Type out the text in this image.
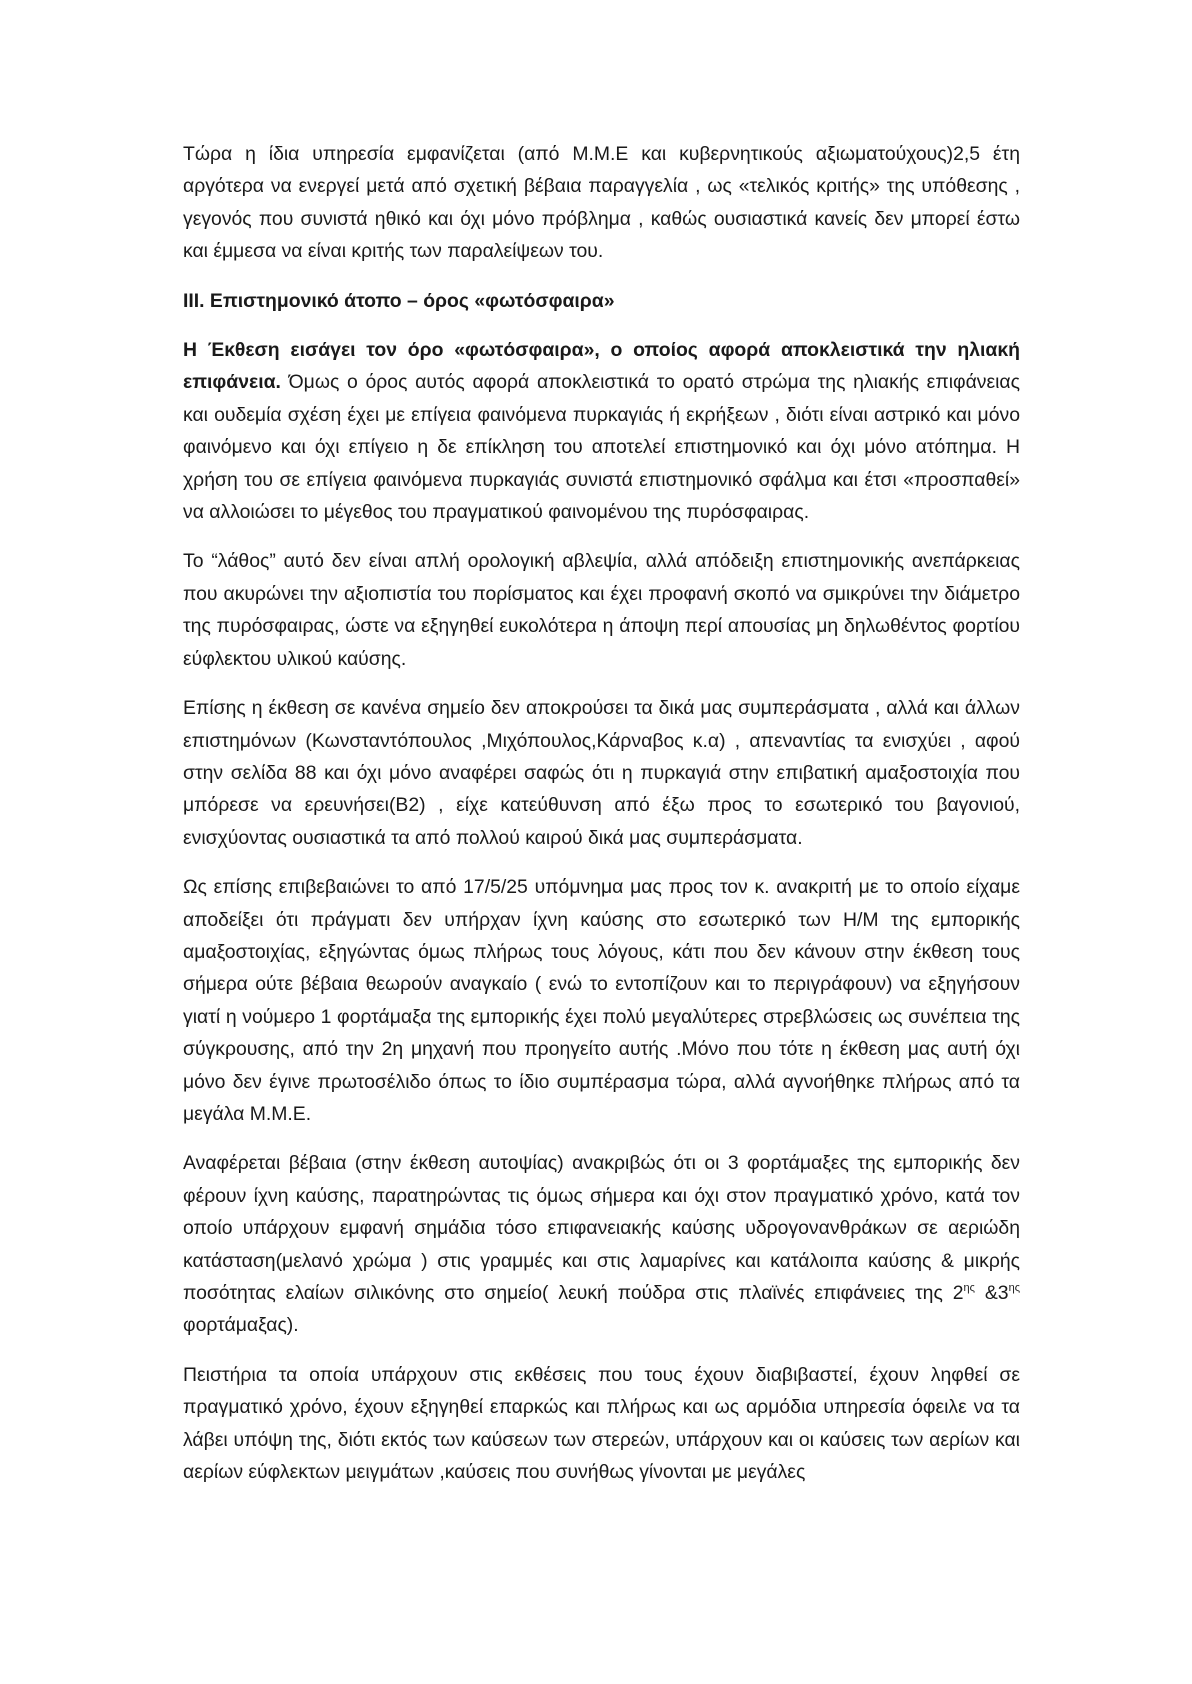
Τώρα η ίδια υπηρεσία εμφανίζεται (από Μ.Μ.Ε και κυβερνητικούς αξιωματούχους)2,5 έτη αργότερα να ενεργεί μετά από σχετική βέβαια παραγγελία , ως «τελικός κριτής» της υπόθεσης , γεγονός που συνιστά ηθικό και όχι μόνο πρόβλημα , καθώς ουσιαστικά κανείς δεν μπορεί έστω και έμμεσα να είναι κριτής των παραλείψεων του.

ΙΙΙ. Επιστημονικό άτοπο – όρος «φωτόσφαιρα»

Η Έκθεση εισάγει τον όρο «φωτόσφαιρα», ο οποίος αφορά αποκλειστικά την ηλιακή επιφάνεια. Όμως ο όρος αυτός αφορά αποκλειστικά το ορατό στρώμα της ηλιακής επιφάνειας και ουδεμία σχέση έχει με επίγεια φαινόμενα πυρκαγιάς ή εκρήξεων , διότι είναι αστρικό και μόνο φαινόμενο και όχι επίγειο η δε επίκληση του αποτελεί επιστημονικό και όχι μόνο ατόπημα. Η χρήση του σε επίγεια φαινόμενα πυρκαγιάς συνιστά επιστημονικό σφάλμα και έτσι «προσπαθεί» να αλλοιώσει το μέγεθος του πραγματικού φαινομένου της πυρόσφαιρας.

Το “λάθος” αυτό δεν είναι απλή ορολογική αβλεψία, αλλά απόδειξη επιστημονικής ανεπάρκειας που ακυρώνει την αξιοπιστία του πορίσματος και έχει προφανή σκοπό να σμικρύνει την διάμετρο της πυρόσφαιρας, ώστε να εξηγηθεί ευκολότερα η άποψη περί απουσίας μη δηλωθέντος φορτίου εύφλεκτου υλικού καύσης.

Επίσης η έκθεση σε κανένα σημείο δεν αποκρούσει τα δικά μας συμπεράσματα , αλλά και άλλων επιστημόνων (Κωνσταντόπουλος ,Μιχόπουλος,Κάρναβος κ.α) , απεναντίας τα ενισχύει , αφού στην σελίδα 88 και όχι μόνο αναφέρει σαφώς ότι η πυρκαγιά στην επιβατική αμαξοστοιχία που μπόρεσε να ερευνήσει(Β2) , είχε κατεύθυνση από έξω προς το εσωτερικό του βαγονιού, ενισχύοντας ουσιαστικά τα από πολλού καιρού δικά μας συμπεράσματα.

Ως επίσης επιβεβαιώνει το από 17/5/25 υπόμνημα μας προς τον κ. ανακριτή με το οποίο είχαμε αποδείξει ότι πράγματι δεν υπήρχαν ίχνη καύσης στο εσωτερικό των Η/Μ της εμπορικής αμαξοστοιχίας, εξηγώντας όμως πλήρως τους λόγους, κάτι που δεν κάνουν στην έκθεση τους σήμερα ούτε βέβαια θεωρούν αναγκαίο ( ενώ το εντοπίζουν και το περιγράφουν) να εξηγήσουν γιατί η νούμερο 1 φορτάμαξα της εμπορικής έχει πολύ μεγαλύτερες στρεβλώσεις ως συνέπεια της σύγκρουσης, από την 2η μηχανή που προηγείτο αυτής .Μόνο που τότε η έκθεση μας αυτή όχι μόνο δεν έγινε πρωτοσέλιδο όπως το ίδιο συμπέρασμα τώρα, αλλά αγνοήθηκε πλήρως από τα μεγάλα Μ.Μ.Ε.

Αναφέρεται βέβαια (στην έκθεση αυτοψίας) ανακριβώς ότι οι 3 φορτάμαξες της εμπορικής δεν φέρουν ίχνη καύσης, παρατηρώντας τις όμως σήμερα και όχι στον πραγματικό χρόνο, κατά τον οποίο υπάρχουν εμφανή σημάδια τόσο επιφανειακής καύσης υδρογονανθράκων σε αεριώδη κατάσταση(μελανό χρώμα ) στις γραμμές και στις λαμαρίνες και κατάλοιπα καύσης & μικρής ποσότητας ελαίων σιλικόνης στο σημείο( λευκή πούδρα στις πλαϊνές επιφάνειες της $2^{\eta\varsigma}$ $\&3^{\eta\varsigma}$ φορτάμαξας).

Πειστήρια τα οποία υπάρχουν στις εκθέσεις που τους έχουν διαβιβαστεί, έχουν ληφθεί σε πραγματικό χρόνο, έχουν εξηγηθεί επαρκώς και πλήρως και ως αρμόδια υπηρεσία όφειλε να τα λάβει υπόψη της, διότι εκτός των καύσεων των στερεών, υπάρχουν και οι καύσεις των αερίων και αερίων εύφλεκτων μειγμάτων ,καύσεις που συνήθως γίνονται με μεγάλες
